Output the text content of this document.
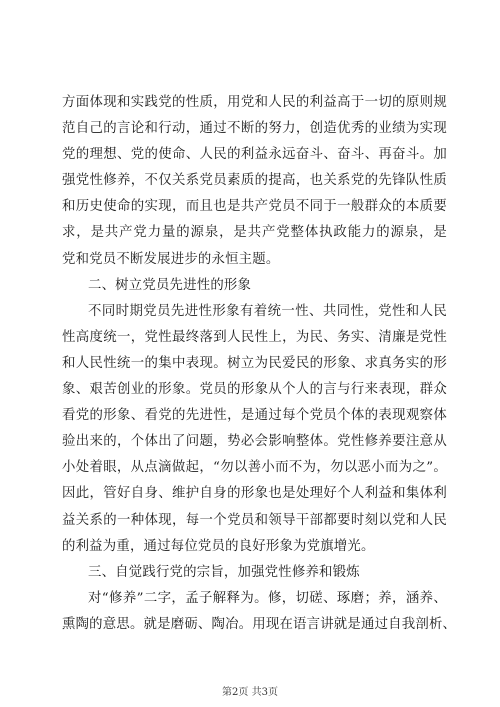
方面体现和实践党的性质，用党和人民的利益高于一切的原则规
范自己的言论和行动，通过不断的努力，创造优秀的业绩为实现
党的理想、党的使命、人民的利益永远奋斗、奋斗、再奋斗。加
强党性修养，不仅关系党员素质的提高，也关系党的先锋队性质
和历史使命的实现，而且也是共产党员不同于一般群众的本质要
求，是共产党力量的源泉，是共产党整体执政能力的源泉，是
党和党员不断发展进步的永恒主题。
二、树立党员先进性的形象
不同时期党员先进性形象有着统一性、共同性，党性和人民
性高度统一，党性最终落到人民性上，为民、务实、清廉是党性
和人民性统一的集中表现。树立为民爱民的形象、求真务实的形
象、艰苦创业的形象。党员的形象从个人的言与行来表现，群众
看党的形象、看党的先进性，是通过每个党员个体的表现观察体
验出来的，个体出了问题，势必会影响整体。党性修养要注意从
小处着眼，从点滴做起，“勿以善小而不为，勿以恶小而为之”。
因此，管好自身、维护自身的形象也是处理好个人利益和集体利
益关系的一种体现，每一个党员和领导干部都要时刻以党和人民
的利益为重，通过每位党员的良好形象为党旗增光。
三、自觉践行党的宗旨，加强党性修养和锻炼
对“修养”二字，孟子解释为。修，切磋、琢磨；养，涵养、
熏陶的意思。就是磨砺、陶冶。用现在语言讲就是通过自我剖析、
第2页 共3页
